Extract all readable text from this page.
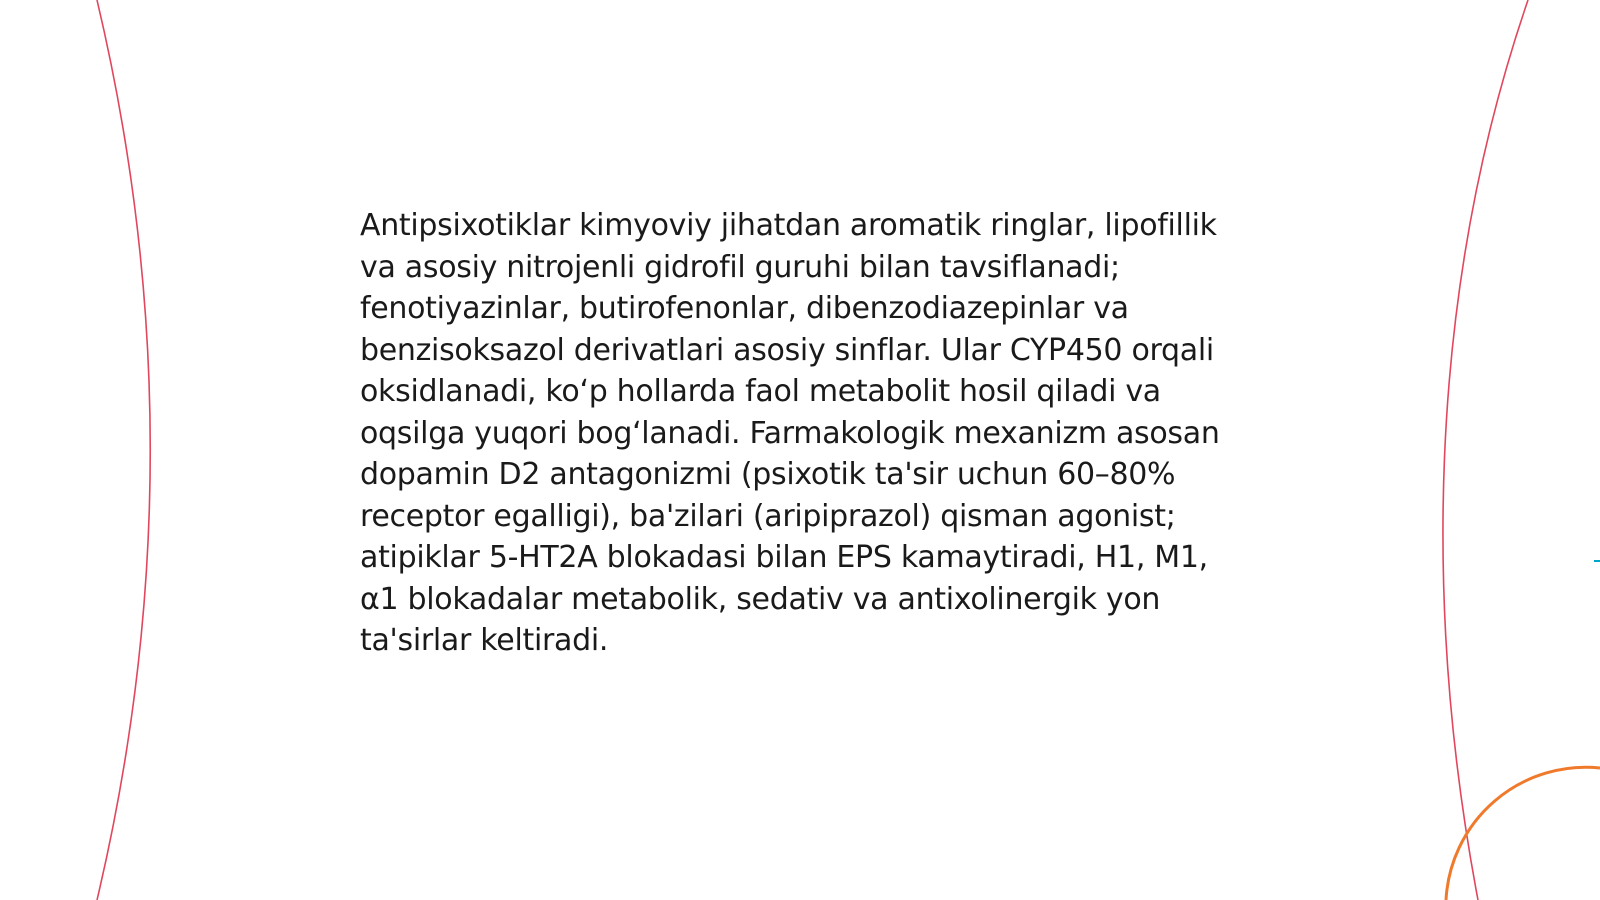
Antipsixotiklar kimyoviy jihatdan aromatik ringlar, lipofillik va asosiy nitrojenli gidrofil guruhi bilan tavsiflanadi; fenotiyazinlar, butirofenonlar, dibenzodiazepinlar va benzisoksazol derivatlari asosiy sinflar. Ular CYP450 orqali oksidlanadi, ko‘p hollarda faol metabolit hosil qiladi va oqsilga yuqori bog‘lanadi. Farmakologik mexanizm asosan dopamin D2 antagonizmi (psixotik ta'sir uchun 60–80% receptor egalligi), ba'zilari (aripiprazol) qisman agonist; atipiklar 5-HT2A blokadasi bilan EPS kamaytiradi, H1, M1, α1 blokadalar metabolik, sedativ va antixolinergik yon ta'sirlar keltiradi.
